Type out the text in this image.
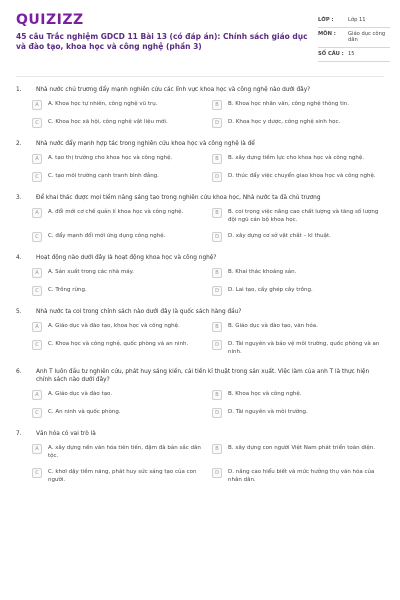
QUIZIZZ
45 câu Trắc nghiệm GDCD 11 Bài 13 (có đáp án): Chính sách giáo dục và đào tạo, khoa học và công nghệ (phần 3)
LỚP :	Lớp 11
MÔN :	Giáo dục công dân
SỐ CÂU : 15
1.	Nhà nước chủ trương đẩy mạnh nghiên cứu các lĩnh vực khoa học và công nghệ nào dưới đây?
A	A. Khoa học tự nhiên, công nghệ vũ trụ.	B	B. Khoa học nhân văn, công nghệ thông tin.
C	C. Khoa học xã hội, công nghệ vật liệu mới.	D	D. Khoa học y dược, công nghệ sinh học.
2.	Nhà nước đẩy mạnh hợp tác trong nghiên cứu khoa học và công nghệ là để
A	A. tạo thị trường cho khoa học và công nghệ.	B	B. xây dựng tiềm lực cho khoa học và công nghệ.
C	C. tạo môi trường cạnh tranh bình đẳng.	D	D. thúc đẩy việc chuyển giao khoa học và công nghệ.
3.	Để khai thác được mọi tiềm năng sáng tạo trong nghiên cứu khoa học, Nhà nước ta đã chủ trương
A	A. đổi mới cơ chế quản lí khoa học và công nghệ.	B	B. coi trọng việc nâng cao chất lượng và tăng số lượng đội ngũ cán bộ khoa học.
C	C. đẩy mạnh đổi mới ứng dụng công nghệ.	D	D. xây dựng cơ sở vật chất – kĩ thuật.
4.	Hoạt động nào dưới đây là hoạt động khoa học và công nghệ?
A	A. Sản xuất trong các nhà máy.	B	B. Khai thác khoáng sản.
C	C. Trồng rừng.	D	D. Lai tạo, cấy ghép cây trồng.
5.	Nhà nước ta coi trong chính sách nào dưới đây là quốc sách hàng đầu?
A	A. Giáo dục và đào tạo, khoa học và công nghệ.	B	B. Giáo dục và đào tạo, văn hóa.
C	C. Khoa học và công nghệ, quốc phòng và an ninh.	D	D. Tài nguyên và bảo vệ môi trường, quốc phòng và an ninh.
6.	Anh T luôn đầu tư nghiên cứu, phát huy sáng kiến, cải tiến kĩ thuật trong sản xuất. Việc làm của anh T là thực hiện chính sách nào dưới đây?
A	A. Giáo dục và đào tạo.	B	B. Khoa học và công nghệ.
C	C. An ninh và quốc phòng.	D	D. Tài nguyên và môi trường.
7.	Văn hóa có vai trò là
A	A. xây dựng nền văn hóa tiên tiến, đậm đà bản sắc dân tộc.
B	B. xây dựng con người Việt Nam phát triển toàn diện.
C	C. khơi dậy tiềm năng, phát huy sức sáng tạo của con người.
D	D. nâng cao hiểu biết và mức hưởng thụ văn hóa của nhân dân.
